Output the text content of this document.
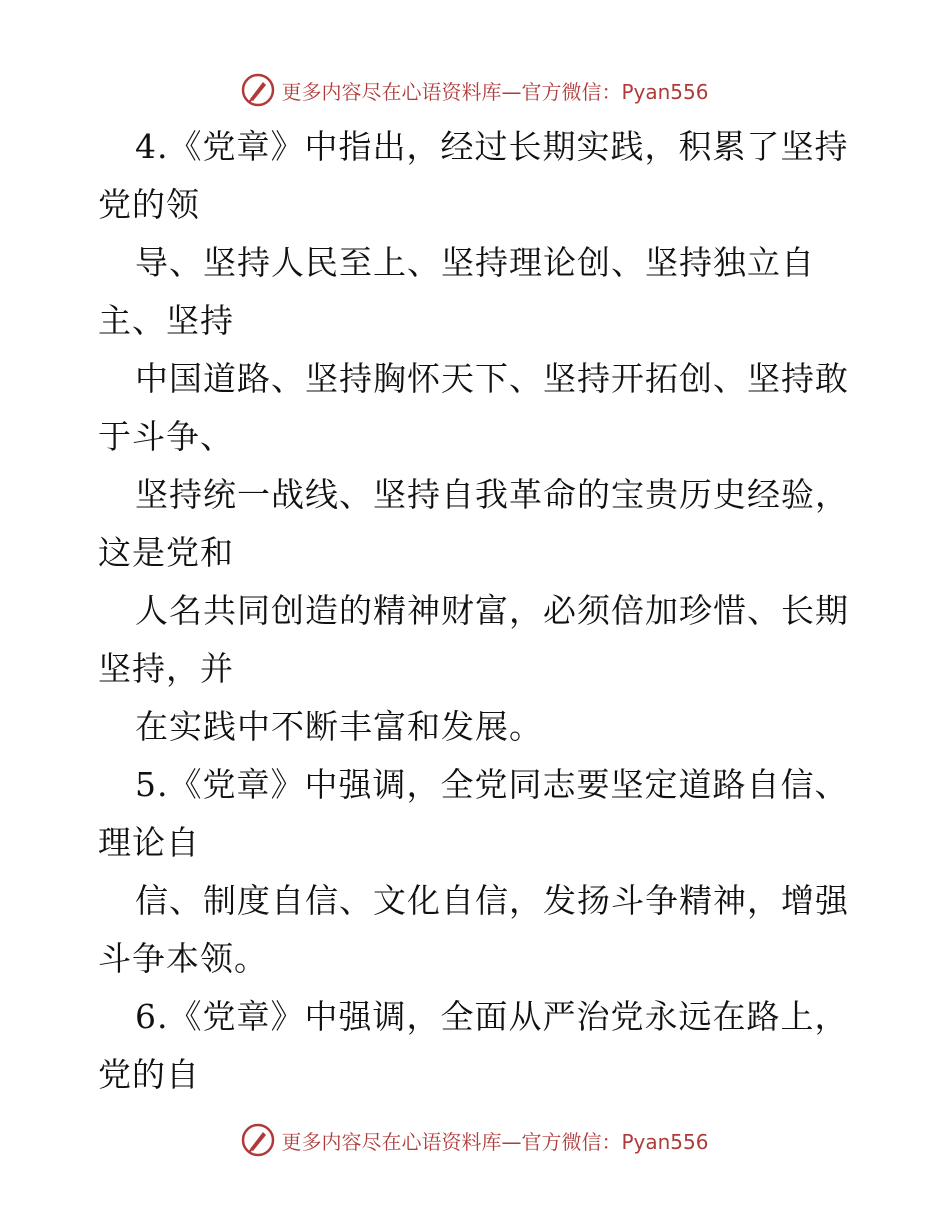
更多内容尽在心语资料库—官方微信：Pyan556
4.《党章》中指出，经过长期实践，积累了坚持
党的领
导、坚持人民至上、坚持理论创、坚持独立自
主、坚持
中国道路、坚持胸怀天下、坚持开拓创、坚持敢
于斗争、
坚持统一战线、坚持自我革命的宝贵历史经验，
这是党和
人名共同创造的精神财富，必须倍加珍惜、长期
坚持，并
在实践中不断丰富和发展。
5.《党章》中强调，全党同志要坚定道路自信、
理论自
信、制度自信、文化自信，发扬斗争精神，增强
斗争本领。
6.《党章》中强调，全面从严治党永远在路上，
党的自
更多内容尽在心语资料库—官方微信：Pyan556
